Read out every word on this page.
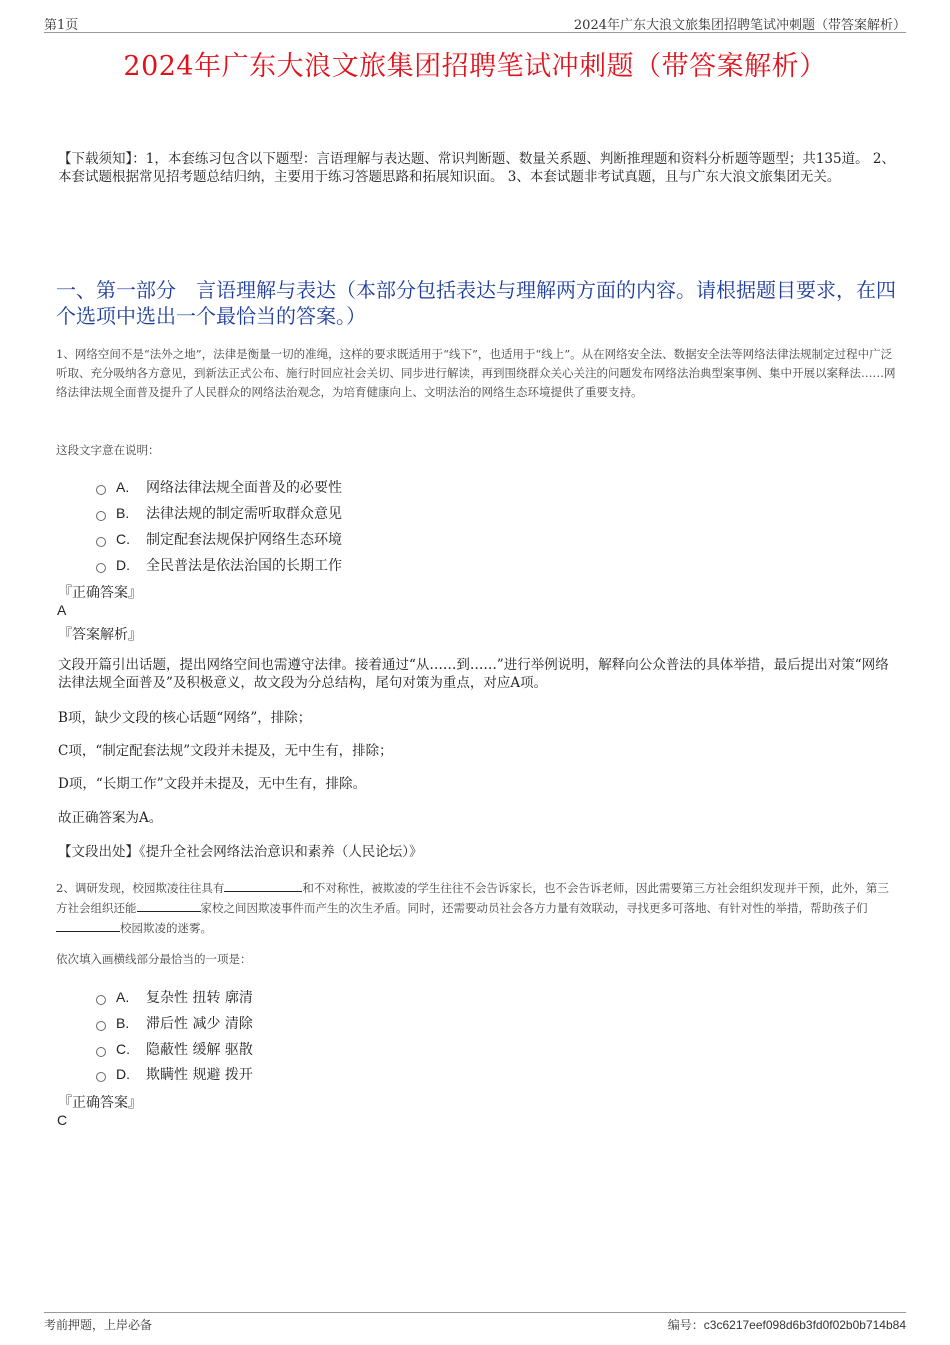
第1页	2024年广东大浪文旅集团招聘笔试冲刺题（带答案解析）
2024年广东大浪文旅集团招聘笔试冲刺题（带答案解析）
【下载须知】：1，本套练习包含以下题型：言语理解与表达题、常识判断题、数量关系题、判断推理题和资料分析题等题型；共135道。 2、本套试题根据常见招考题总结归纳，主要用于练习答题思路和拓展知识面。 3、本套试题非考试真题，且与广东大浪文旅集团无关。
一、第一部分　言语理解与表达（本部分包括表达与理解两方面的内容。请根据题目要求，在四个选项中选出一个最恰当的答案。）
1、网络空间不是“法外之地”，法律是衡量一切的准绳，这样的要求既适用于“线下”，也适用于“线上”。从在网络安全法、数据安全法等网络法律法规制定过程中广泛听取、充分吸纳各方意见，到新法正式公布、施行时回应社会关切、同步进行解读，再到围绕群众关心关注的问题发布网络法治典型案事例、集中开展以案释法……网络法律法规全面普及提升了人民群众的网络法治观念，为培育健康向上、文明法治的网络生态环境提供了重要支持。
这段文字意在说明：
A.	网络法律法规全面普及的必要性
B.	法律法规的制定需听取群众意见
C.	制定配套法规保护网络生态环境
D.	全民普法是依法治国的长期工作
『正确答案』
A
『答案解析』
文段开篇引出话题，提出网络空间也需遵守法律。接着通过“从……到……”进行举例说明，解释向公众普法的具体举措，最后提出对策“网络法律法规全面普及”及积极意义，故文段为分总结构，尾句对策为重点，对应A项。
B项，缺少文段的核心话题“网络”，排除；
C项，“制定配套法规”文段并未提及，无中生有，排除；
D项，“长期工作”文段并未提及，无中生有，排除。
故正确答案为A。
【文段出处】《提升全社会网络法治意识和素养（人民论坛）》
2、调研发现，校园欺凌往往具有	和不对称性，被欺凌的学生往往不会告诉家长，也不会告诉老师，因此需要第三方社会组织发现并干预，此外，第三方社会组织还能	家校之间因欺凌事件而产生的次生矛盾。同时，还需要动员社会各方力量有效联动，寻找更多可落地、有针对性的举措，帮助孩子们校园欺凌的迷雾。
依次填入画横线部分最恰当的一项是：
A.	复杂性 扭转 廓清
B.	滞后性 减少 清除
C.	隐蔽性 缓解 驱散
D.	欺瞒性 规避 拨开
『正确答案』
C
考前押题，上岸必备	编号：c3c6217eef098d6b3fd0f02b0b714b84
